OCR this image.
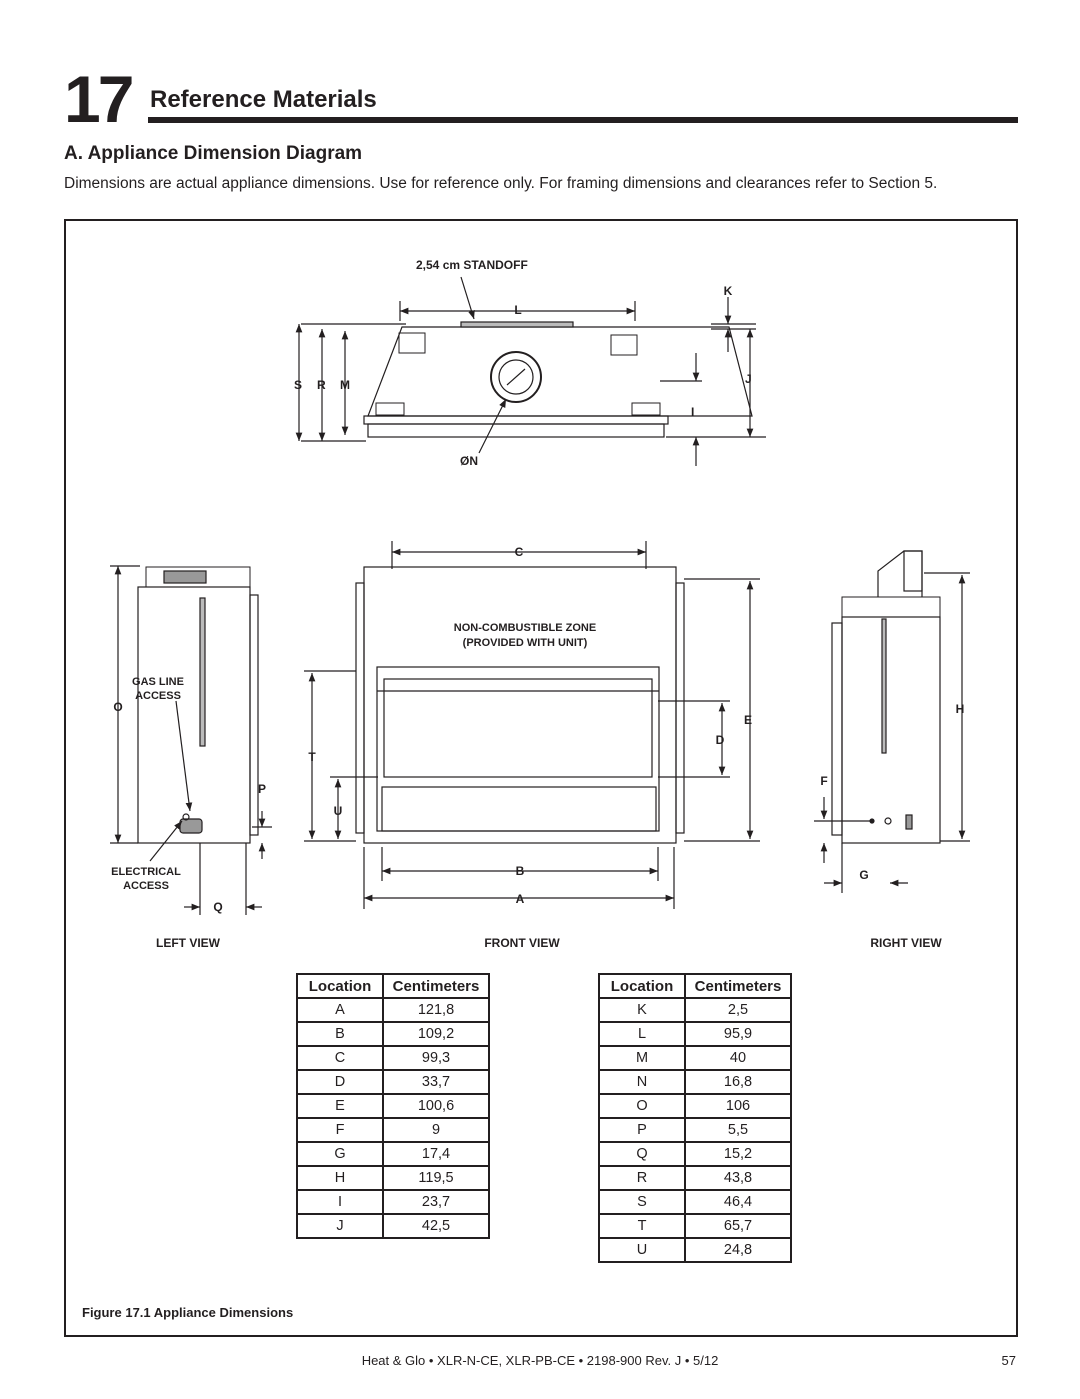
17 Reference Materials
A. Appliance Dimension Diagram
Dimensions are actual appliance dimensions. Use for reference only. For framing dimensions and clearances refer to Section 5.
2,54 cm STANDOFF
L
K
J
I
S R M
ØN
GAS LINE
ACCESS
O
P
ELECTRICAL
ACCESS
Q
C
NON-COMBUSTIBLE ZONE
(PROVIDED WITH UNIT)
T
U
E
D
B
A
H
F
G
LEFT VIEW	FRONT VIEW	RIGHT VIEW
Location	Centimeters
A	121,8
B	109,2
C	99,3
D	33,7
E	100,6
F	9
G	17,4
H	119,5
I	23,7
J	42,5
Location	Centimeters
K	2,5
L	95,9
M	40
N	16,8
O	106
P	5,5
Q	15,2
R	43,8
S	46,4
T	65,7
U	24,8
Figure 17.1 Appliance Dimensions
Heat & Glo • XLR-N-CE, XLR-PB-CE • 2198-900 Rev. J • 5/12	57
